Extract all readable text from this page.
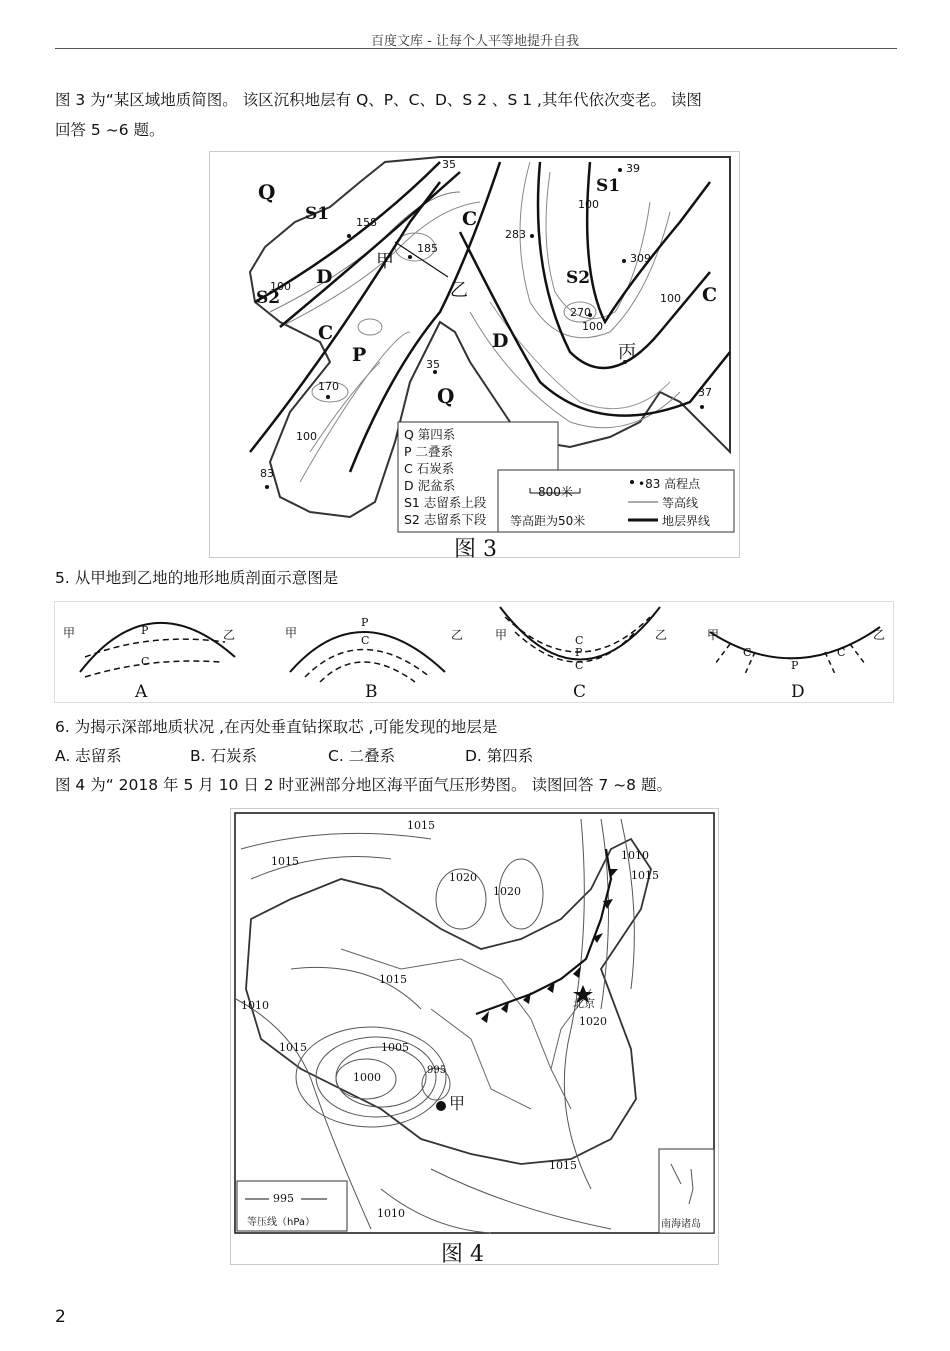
百度文库 - 让每个人平等地提升自我
图 3 为“某区域地质简图。 该区沉积地层有 Q、P、C、D、S 2 、S 1 ,其年代依次变老。 读图
回答 5 ~6 题。
Q
S1
S2
D
C
P
C
D
S2
S1
C
Q
甲
乙
丙
35
158
185
283
39
309
270
170
35
37
83
100
100
100
100
100
Q 第四系
P 二叠系
C 石炭系
D 泥盆系
S1 志留系上段
S2 志留系下段
800米
等高距为50米
•83 高程点
等高线
地层界线
图 3
5. 从甲地到乙地的地形地质剖面示意图是
甲	乙
P
C
A
甲	乙
P
C
B
甲	乙
C
P
C
C
甲	乙
C
P
C
D
6. 为揭示深部地质状况 ,在丙处垂直钻探取芯 ,可能发现的地层是
A. 志留系	B. 石炭系	C. 二叠系	D. 第四系
图 4 为“ 2018 年 5 月 10 日 2 时亚洲部分地区海平面气压形势图。 读图回答 7 ~8 题。
1015
1015
1020
1020
1010
1015
1015
1010
1015	1005
1000
995
1020
1015
1010
北京
甲
995
等压线（hPa）	南海诸岛
图 4
2
